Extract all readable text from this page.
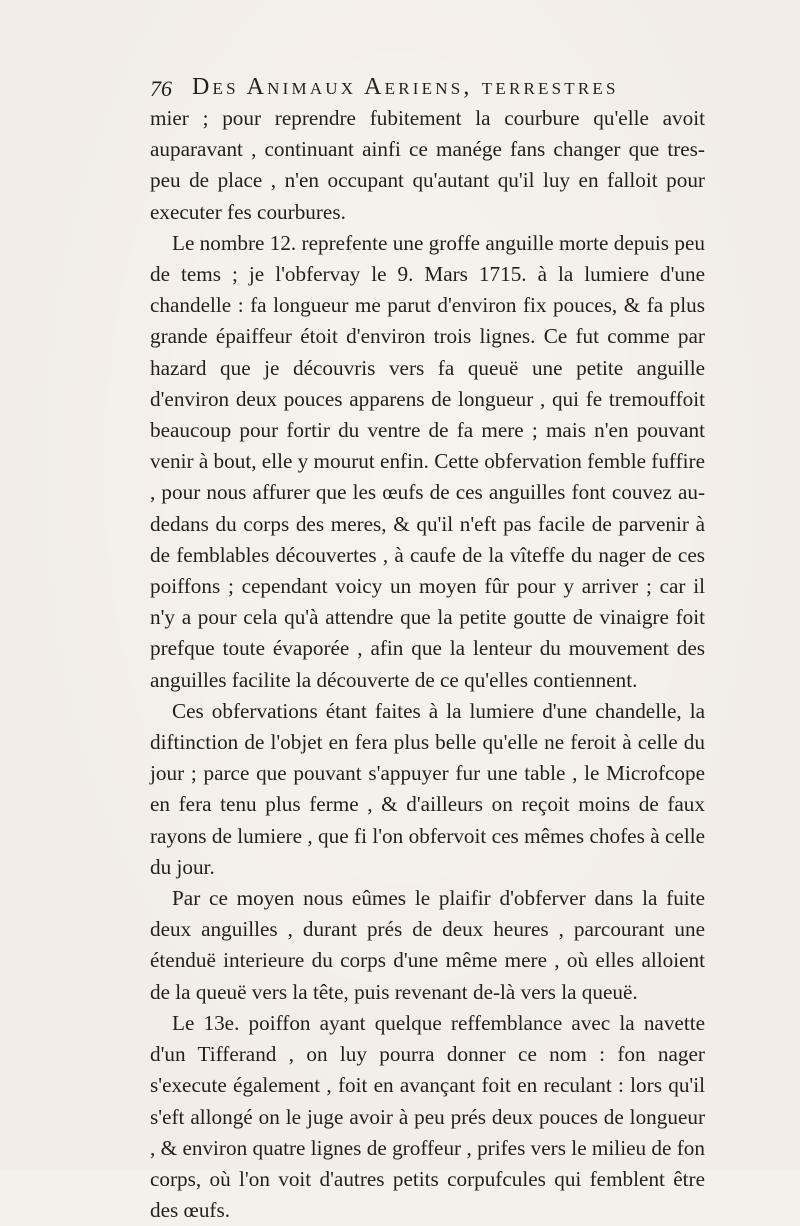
76 Des Animaux Aeriens, terrestres

mier ; pour reprendre fubitement la courbure qu'elle avoit auparavant , continuant ainfi ce manége fans changer que tres-peu de place , n'en occupant qu'autant qu'il luy en falloit pour executer fes courbures.

Le nombre 12. reprefente une groffe anguille morte depuis peu de tems ; je l'obfervay le 9. Mars 1715. à la lumiere d'une chandelle : fa longueur me parut d'environ fix pouces, & fa plus grande épaiffeur étoit d'environ trois lignes. Ce fut comme par hazard que je découvris vers fa queuë une petite anguille d'environ deux pouces apparens de longueur , qui fe tremouffoit beaucoup pour fortir du ventre de fa mere ; mais n'en pouvant venir à bout, elle y mourut enfin. Cette obfervation femble fuffire , pour nous affurer que les œufs de ces anguilles font couvez au-dedans du corps des meres, & qu'il n'eft pas facile de parvenir à de femblables découvertes , à caufe de la vîteffe du nager de ces poiffons ; cependant voicy un moyen fûr pour y arriver ; car il n'y a pour cela qu'à attendre que la petite goutte de vinaigre foit prefque toute évaporée , afin que la lenteur du mouvement des anguilles facilite la découverte de ce qu'elles contiennent.

Ces obfervations étant faites à la lumiere d'une chandelle, la diftinction de l'objet en fera plus belle qu'elle ne feroit à celle du jour ; parce que pouvant s'appuyer fur une table , le Microfcope en fera tenu plus ferme , & d'ailleurs on reçoit moins de faux rayons de lumiere , que fi l'on obfervoit ces mêmes chofes à celle du jour.

Par ce moyen nous eûmes le plaifir d'obferver dans la fuite deux anguilles , durant prés de deux heures , parcourant une étenduë interieure du corps d'une même mere , où elles alloient de la queuë vers la tête, puis revenant de-là vers la queuë.

Le 13e. poiffon ayant quelque reffemblance avec la navette d'un Tifferand , on luy pourra donner ce nom : fon nager s'execute également , foit en avançant foit en reculant : lors qu'il s'eft allongé on le juge avoir à peu prés deux pouces de longueur , & environ quatre lignes de groffeur , prifes vers le milieu de fon corps, où l'on voit d'autres petits corpufcules qui femblent être des œufs.
